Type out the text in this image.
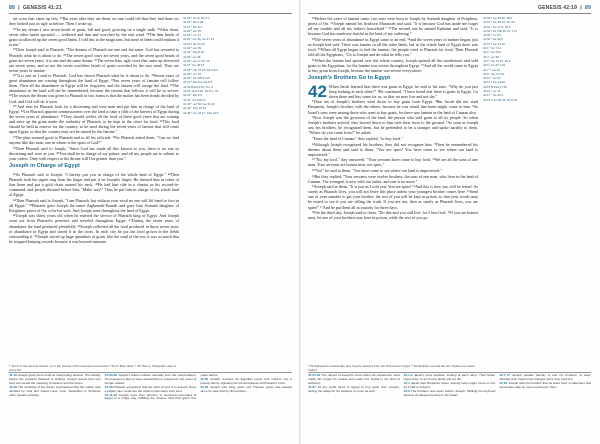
88  |  GENESIS 41:21

fat cows that came up first. ²¹But even after they ate them, no one could tell that they had done so; they looked just as ugly as before. Then I woke up.

²²"In my dream I saw seven heads of grain, full and good, growing on a single stalk. ²³After them, seven other heads sprouted — withered and thin and scorched by the east wind. ²⁴The thin heads of grain swallowed up the seven good heads. I told this to the magicians, but none of them could explain it to me."

²⁵Then Joseph said to Pharaoh, "The dreams of Pharaoh are one and the same. God has revealed to Pharaoh what he is about to do. ²⁶The seven good cows are seven years, and the seven good heads of grain are seven years; it is one and the same dream. ²⁷The seven lean, ugly cows that came up afterward are seven years, and so are the seven worthless heads of grain scorched by the east wind: They are seven years of famine.

²⁸"It is just as I said to Pharaoh: God has shown Pharaoh what he is about to do. ²⁹Seven years of great abundance are coming throughout the land of Egypt, ³⁰but seven years of famine will follow them. Then all the abundance in Egypt will be forgotten, and the famine will ravage the land. ³¹The abundance in the land will not be remembered, because the famine that follows it will be so severe. ³²The reason the dream was given to Pharaoh in two forms is that the matter has been firmly decided by God, and God will do it soon.

³³"And now let Pharaoh look for a discerning and wise man and put him in charge of the land of Egypt. ³⁴Let Pharaoh appoint commissioners over the land to take a fifth of the harvest of Egypt during the seven years of abundance. ³⁵They should collect all the food of these good years that are coming and store up the grain under the authority of Pharaoh, to be kept in the cities for food. ³⁶This food should be held in reserve for the country, to be used during the seven years of famine that will come upon Egypt, so that the country may not be ruined by the famine."

³⁷The plan seemed good to Pharaoh and to all his officials. ³⁸So Pharaoh asked them, "Can we find anyone like this man, one in whom is the spirit of God?"

³⁹Then Pharaoh said to Joseph, "Since God has made all this known to you, there is no one so discerning and wise as you. ⁴⁰You shall be in charge of my palace, and all my people are to submit to your orders. Only with respect to the throne will I be greater than you."

Joseph in Charge of Egypt

⁴¹So Pharaoh said to Joseph, "I hereby put you in charge of the whole land of Egypt." ⁴²Then Pharaoh took his signet ring from his finger and put it on Joseph's finger. He dressed him in robes of fine linen and put a gold chain around his neck. ⁴³He had him ride in a chariot as his second-in-command, and people shouted before him, "Make way!" Thus he put him in charge of the whole land of Egypt.

⁴⁴Then Pharaoh said to Joseph, "I am Pharaoh, but without your word no one will lift hand or foot in all Egypt." ⁴⁵Pharaoh gave Joseph the name Zaphenath-Paneah and gave him Asenath daughter of Potiphera, priest of On, to be his wife. And Joseph went throughout the land of Egypt.

⁴⁶Joseph was thirty years old when he entered the service of Pharaoh king of Egypt. And Joseph went out from Pharaoh's presence and traveled throughout Egypt. ⁴⁷During the seven years of abundance the land produced plentifully. ⁴⁸Joseph collected all the food produced in those seven years of abundance in Egypt and stored it in the cities. In each city he put the food grown in the fields surrounding it. ⁴⁹Joseph stored up huge quantities of grain, like the sand of the sea; it was so much that he stopped keeping records because it was beyond measure.

41:24 ᵃ ver 8; Da 4:7
41:25 ᵇ Da 2:28
41:27 ᶜ 2Ki 8:1
41:28 ᵈ ver 25
41:29 ᵉ ver 47
41:30 ᶠ ver 54; Ge 47:13
41:32 ᵍ Nu 23:19
41:33 ʰ ver 39
41:34 ⁱ 1Sa 8:15
41:35 ʲ ver 48
41:36 ᵏ Ge 47:15, 19
41:37 ˡ Ge 45:16
41:38 ᵐ Nu 27:18; Da 4:8-9
41:39 ⁿ ver 33
41:40 ᵒ Ps 105:21-22
41:41 ᵖ Est 8:2; Da 6:3
41:42 ᑫ Est 3:10; 8:2, 8
41:42 ʳ Est 8:15; Da 5:7, 29
41:43 ˢ Est 6:9
41:44 ᵗ Ps 105:22
41:45 ᵘ ver 50; Ge 46:20
41:46 ᵛ 1Sa 16:21
41:49 ʷ Ge 22:17; 1Sa 13:5
ᵃ 43 Or in the second chariot; or in the chariot of his second-in-command ᵇ 43 Or Bow down ᶜ 45 That is, Heliopolis; also in verse 50
41:16 Joseph gives God credit for interpreting dreams. His humility before the powerful Pharaoh is striking; Joseph knows that only God can reveal the meaning of dreams and the future.
41:32 The doubling of the dream emphasized that the matter was decided by God and would come soon. Repetition in Scripture often signals certainty.
41:33-36 Joseph's advice follows naturally from the interpretation. He proposes a plan of wise stewardship to prepare for the years of hunger ahead.
41:38 Pharaoh recognizes that the spirit of God is in Joseph. Even a pagan ruler could see the wisdom that came from God.
41:41-43 Joseph rises from prisoner to second-in-command of Egypt in a single day, fulfilling the dreams God had given him years before.
41:45 Joseph receives an Egyptian name and marries into a priestly family, signaling his full acceptance at Pharaoh's court.
41:46 Joseph was thirty years old. Thirteen years had passed since he was sold by his brothers.
GENESIS 42:19  |  89

⁵⁰Before the years of famine came, two sons were born to Joseph by Asenath daughter of Potiphera, priest of On. ⁵¹Joseph named his firstborn Manasseh and said, "It is because God has made me forget all my trouble and all my father's household." ⁵²The second son he named Ephraim and said, "It is because God has made me fruitful in the land of my suffering."

⁵³The seven years of abundance in Egypt came to an end, ⁵⁴and the seven years of famine began, just as Joseph had said. There was famine in all the other lands, but in the whole land of Egypt there was food. ⁵⁵When all Egypt began to feel the famine, the people cried to Pharaoh for food. Then Pharaoh told all the Egyptians, "Go to Joseph and do what he tells you."

⁵⁶When the famine had spread over the whole country, Joseph opened all the storehouses and sold grain to the Egyptians, for the famine was severe throughout Egypt. ⁵⁷And all the world came to Egypt to buy grain from Joseph, because the famine was severe everywhere.

Joseph's Brothers Go to Egypt

42 When Jacob learned that there was grain in Egypt, he said to his sons, "Why do you just keep looking at each other?" ²He continued, "I have heard that there is grain in Egypt. Go down there and buy some for us, so that we may live and not die."

³Then ten of Joseph's brothers went down to buy grain from Egypt. ⁴But Jacob did not send Benjamin, Joseph's brother, with the others, because he was afraid that harm might come to him. ⁵So Israel's sons were among those who went to buy grain, for there was famine in the land of Canaan also.

⁶Now Joseph was the governor of the land, the person who sold grain to all its people. So when Joseph's brothers arrived, they bowed down to him with their faces to the ground. ⁷As soon as Joseph saw his brothers, he recognized them, but he pretended to be a stranger and spoke harshly to them. "Where do you come from?" he asked.

"From the land of Canaan," they replied, "to buy food."

⁸Although Joseph recognized his brothers, they did not recognize him. ⁹Then he remembered his dreams about them and said to them, "You are spies! You have come to see where our land is unprotected."

¹⁰"No, my lord," they answered. "Your servants have come to buy food. ¹¹We are all the sons of one man. Your servants are honest men, not spies."

¹²"No!" he said to them. "You have come to see where our land is unprotected."

¹³But they replied, "Your servants were twelve brothers, the sons of one man, who lives in the land of Canaan. The youngest is now with our father, and one is no more."

¹⁴Joseph said to them, "It is just as I told you: You are spies! ¹⁵And this is how you will be tested: As surely as Pharaoh lives, you will not leave this place unless your youngest brother comes here. ¹⁶Send one of your number to get your brother; the rest of you will be kept in prison, so that your words may be tested to see if you are telling the truth. If you are not, then as surely as Pharaoh lives, you are spies!" ¹⁷And he put them all in custody for three days.

¹⁸On the third day, Joseph said to them, "Do this and you will live, for I fear God: ¹⁹If you are honest men, let one of your brothers stay here in prison, while the rest of you go

41:50 ᵃ Ge 46:20; 48:5
41:51 ᵇ Ge 48:14, 18, 20
41:52 ᶜ Ge 17:6; 28:3
41:54 ᵈ Ps 105:16; Ac 7:11
41:55 ᵉ Jn 2:5
41:56 ᶠ Ge 42:6
41:57 ᵍ Ge 12:10
42:1 ʰ Ac 7:12
42:2 ⁱ Ge 43:2
42:4 ʲ ver 38
42:5 ᵏ Ge 12:10; 26:1
42:6 ˡ Ge 37:7-10
42:7 ᵐ ver 30
42:9 ⁿ Ge 37:5-9
42:11 ᵒ ver 31
42:13 ᵖ Ge 44:20
42:15 ᑫ 1Sa 17:55
42:16 ʳ ver 11
42:17 ˢ Ge 40:4
42:18 ᵗ Lev 25:43; Ne 5:15
ᵃ 51 Manasseh sounds like and may be derived from the Hebrew for forget. ᵇ 52 Ephraim sounds like the Hebrew for twice fruitful.
41:51-52 The names of Joseph's sons reflect his experience: God made him forget his trouble and made him fruitful in the land of suffering.
41:57 All the world came to Egypt to buy grain from Joseph, setting the stage for his brothers to come as well.
42:1-2 Jacob's sons hesitate, looking at each other. Their father urges them to act so the family will not die.
42:4 Jacob kept Benjamin home, fearing harm might come to him as it had to Joseph.
42:6 The brothers bow down before Joseph, fulfilling his boyhood dreams of sheaves bowing to his sheaf.
42:7-17 Joseph speaks harshly to test his brothers, to learn whether their hearts had changed since they sold him.
42:18 Joseph tells his brothers that he fears God, a statement that would later take on new meaning for them.
